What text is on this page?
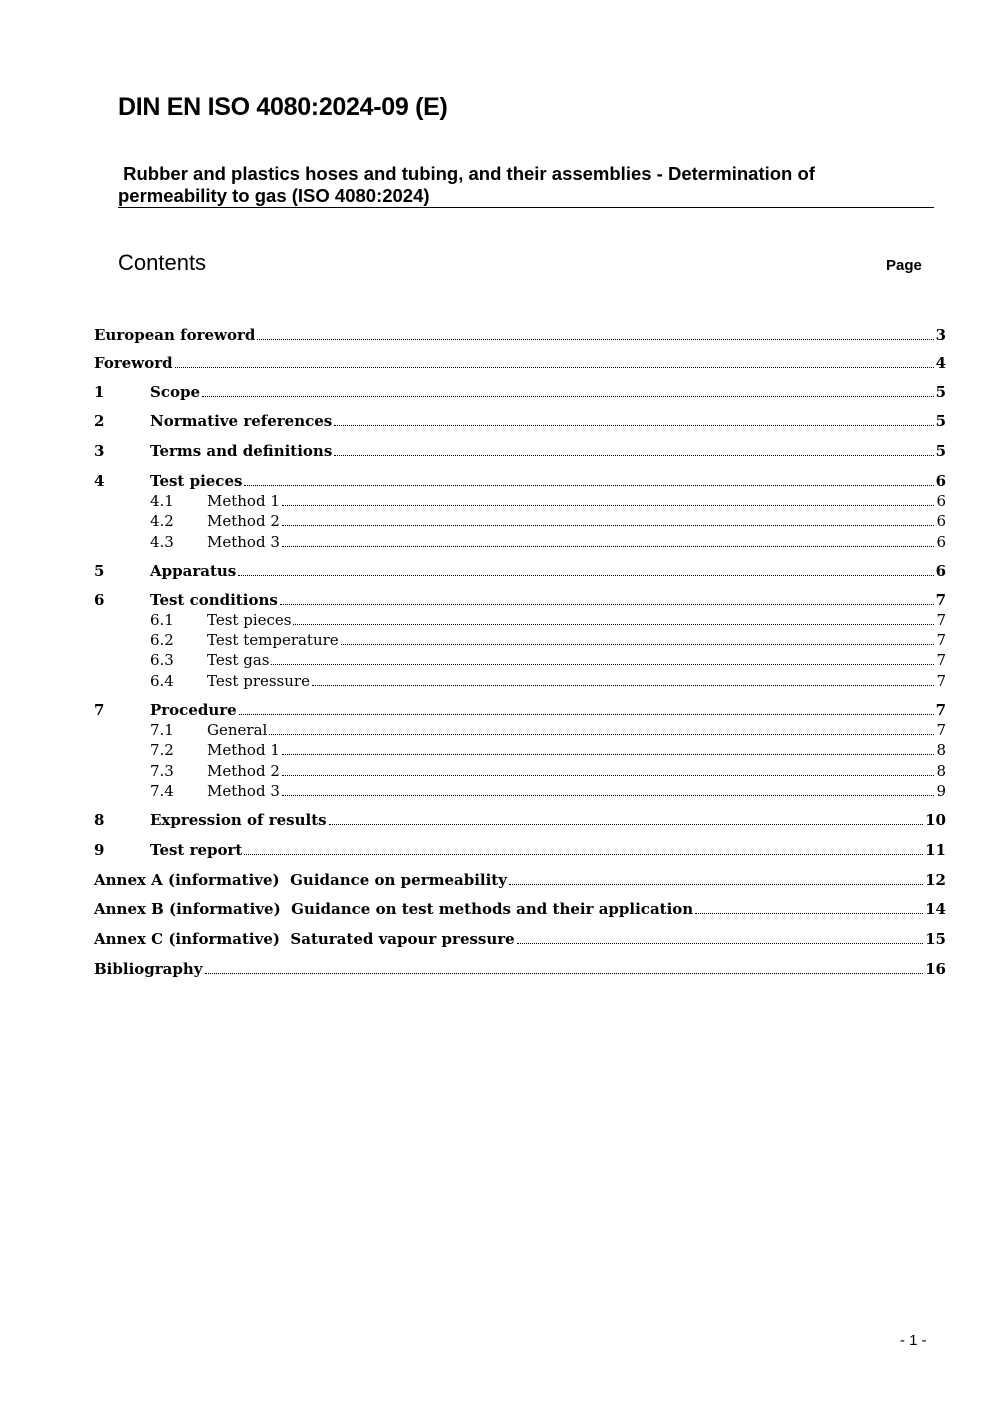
DIN EN ISO 4080:2024-09 (E)
Rubber and plastics hoses and tubing, and their assemblies - Determination of
permeability to gas (ISO 4080:2024)
Contents	Page
European foreword	3
Foreword	4
1	Scope	5
2	Normative references	5
3	Terms and definitions	5
4	Test pieces	6
4.1	Method 1	6
4.2	Method 2	6
4.3	Method 3	6
5	Apparatus	6
6	Test conditions	7
6.1	Test pieces	7
6.2	Test temperature	7
6.3	Test gas	7
6.4	Test pressure	7
7	Procedure	7
7.1	General	7
7.2	Method 1	8
7.3	Method 2	8
7.4	Method 3	9
8	Expression of results	10
9	Test report	11
Annex A (informative)  Guidance on permeability	12
Annex B (informative)  Guidance on test methods and their application	14
Annex C (informative)  Saturated vapour pressure	15
Bibliography	16
- 1 -
